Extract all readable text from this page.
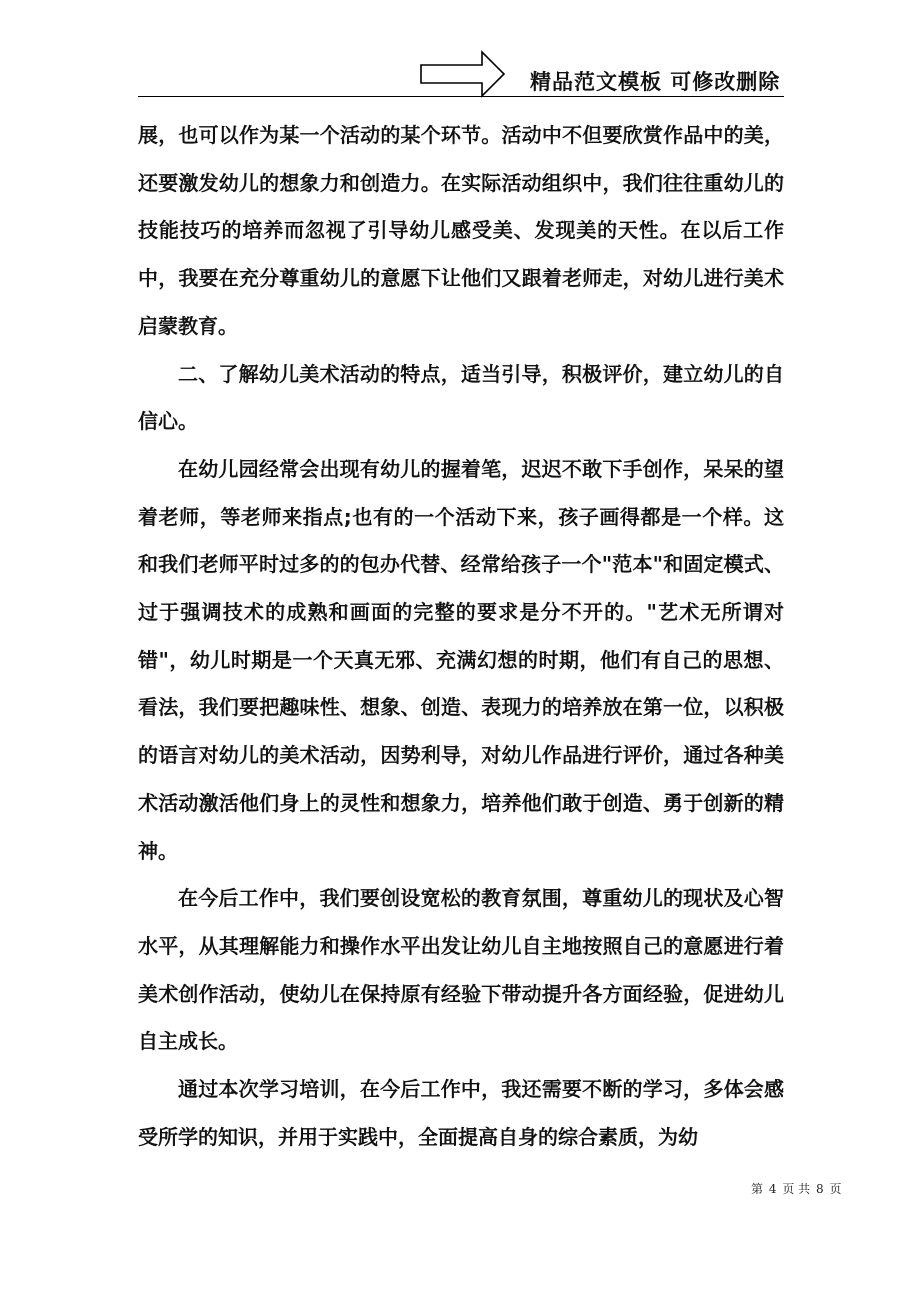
精品范文模板 可修改删除

展，也可以作为某一个活动的某个环节。活动中不但要欣赏作品中的美，还要激发幼儿的想象力和创造力。在实际活动组织中，我们往往重幼儿的技能技巧的培养而忽视了引导幼儿感受美、发现美的天性。在以后工作中，我要在充分尊重幼儿的意愿下让他们又跟着老师走，对幼儿进行美术启蒙教育。

二、了解幼儿美术活动的特点，适当引导，积极评价，建立幼儿的自信心。

在幼儿园经常会出现有幼儿的握着笔，迟迟不敢下手创作，呆呆的望着老师，等老师来指点;也有的一个活动下来，孩子画得都是一个样。这和我们老师平时过多的的包办代替、经常给孩子一个"范本"和固定模式、过于强调技术的成熟和画面的完整的要求是分不开的。"艺术无所谓对错"，幼儿时期是一个天真无邪、充满幻想的时期，他们有自己的思想、看法，我们要把趣味性、想象、创造、表现力的培养放在第一位，以积极的语言对幼儿的美术活动，因势利导，对幼儿作品进行评价，通过各种美术活动激活他们身上的灵性和想象力，培养他们敢于创造、勇于创新的精神。

在今后工作中，我们要创设宽松的教育氛围，尊重幼儿的现状及心智水平，从其理解能力和操作水平出发让幼儿自主地按照自己的意愿进行着美术创作活动，使幼儿在保持原有经验下带动提升各方面经验，促进幼儿自主成长。

通过本次学习培训，在今后工作中，我还需要不断的学习，多体会感受所学的知识，并用于实践中，全面提高自身的综合素质，为幼

第 4 页 共 8 页
